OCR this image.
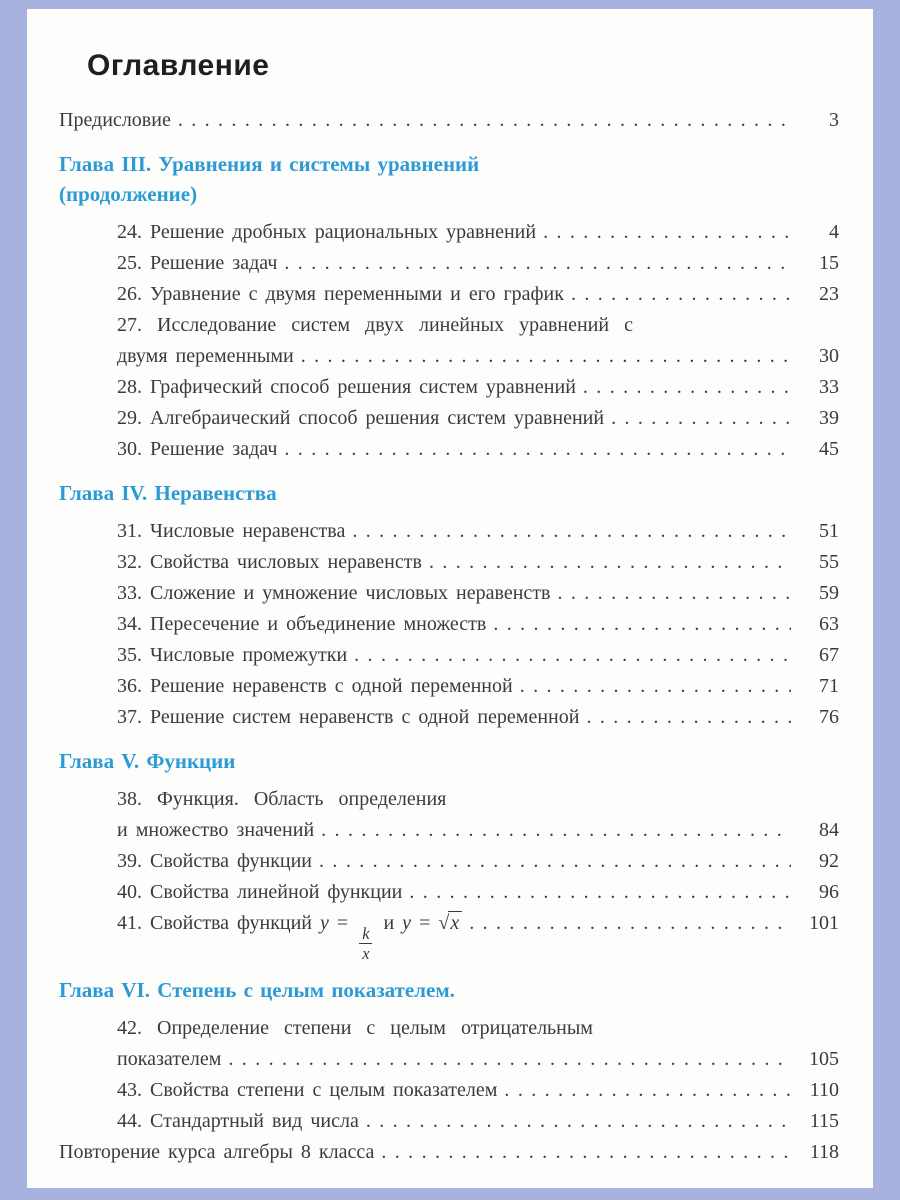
Оглавление
Предисловие .....	3
Глава III. Уравнения и системы уравнений
(продолжение)
24. Решение дробных рациональных уравнений .....	4
25. Решение задач .....	15
26. Уравнение с двумя переменными и его график .....	23
27. Исследование систем двух линейных уравнений с
двумя переменными .....	30
28. Графический способ решения систем уравнений .....	33
29. Алгебраический способ решения систем уравнений .....	39
30. Решение задач .....	45
Глава IV. Неравенства
31. Числовые неравенства .....	51
32. Свойства числовых неравенств .....	55
33. Сложение и умножение числовых неравенств .....	59
34. Пересечение и объединение множеств .....	63
35. Числовые промежутки .....	67
36. Решение неравенств с одной переменной .....	71
37. Решение систем неравенств с одной переменной .....	76
Глава V. Функции
38. Функция. Область определения
и множество значений .....	84
39. Свойства функции .....	92
40. Свойства линейной функции .....	96
41. Свойства функций y =
$\frac{k}{x}$
и y = √x .....	101
Глава VI. Степень с целым показателем.
42. Определение степени с целым отрицательным
показателем .....	105
43. Свойства степени с целым показателем .....	110
44. Стандартный вид числа .....	115
Повторение курса алгебры 8 класса .....	118
